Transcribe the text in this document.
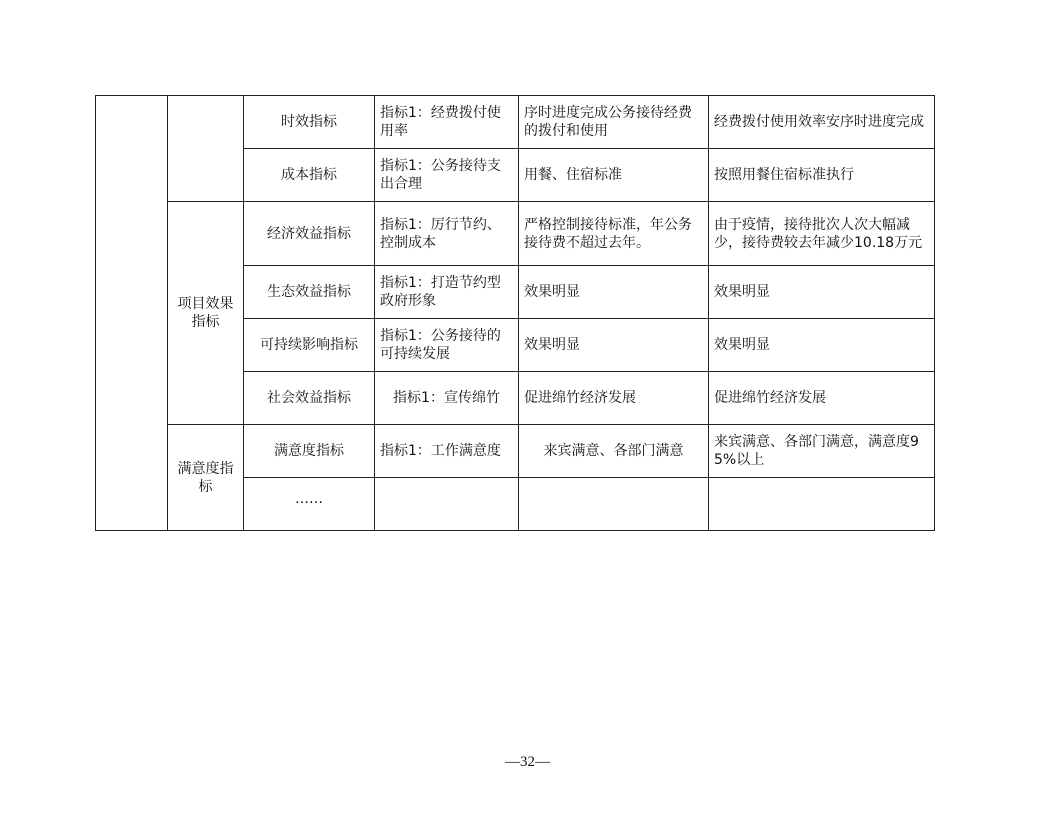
		时效指标	指标1：经费拨付使用率	序时进度完成公务接待经费的拨付和使用	经费拨付使用效率安序时进度完成
		成本指标	指标1：公务接待支出合理	用餐、住宿标准	按照用餐住宿标准执行
	项目效果指标	经济效益指标	指标1：厉行节约、控制成本	严格控制接待标准，年公务接待费不超过去年。	由于疫情，接待批次人次大幅减少，接待费较去年减少10.18万元
		生态效益指标	指标1：打造节约型政府形象	效果明显	效果明显
		可持续影响指标	指标1：公务接待的可持续发展	效果明显	效果明显
		社会效益指标	指标1：宣传绵竹	促进绵竹经济发展	促进绵竹经济发展
	满意度指标	满意度指标	指标1：工作满意度	来宾满意、各部门满意	来宾满意、各部门满意，满意度95%以上
		……			
—32—
